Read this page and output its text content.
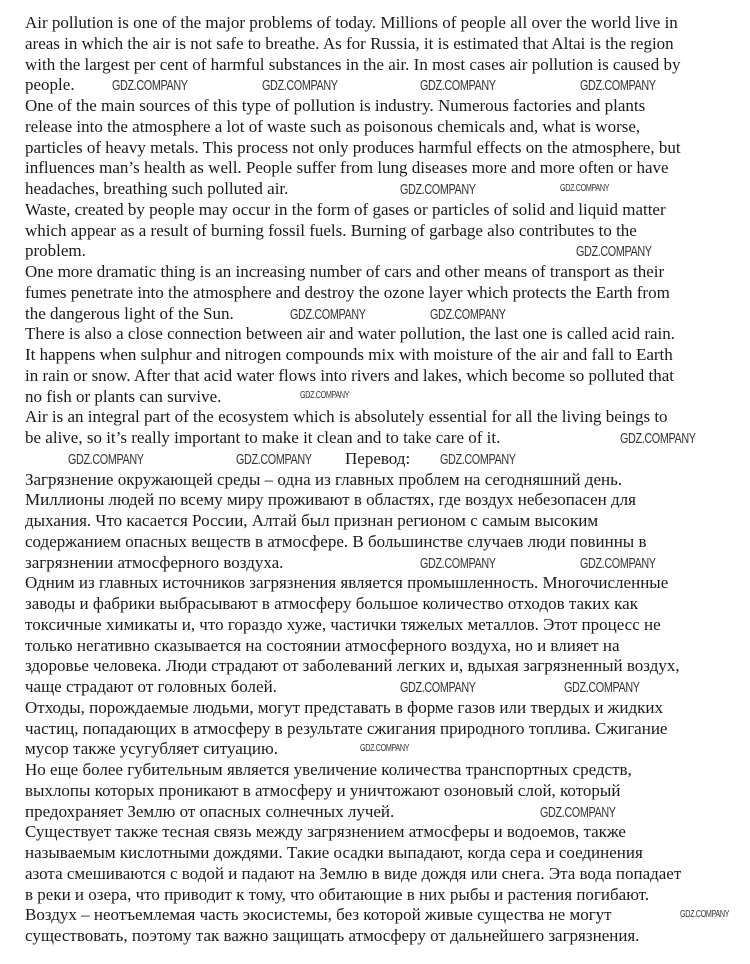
Air pollution is one of the major problems of today. Millions of people all over the world live in
areas in which the air is not safe to breathe. As for Russia, it is estimated that Altai is the region
with the largest per cent of harmful substances in the air. In most cases air pollution is caused by
people.
One of the main sources of this type of pollution is industry. Numerous factories and plants
release into the atmosphere a lot of waste such as poisonous chemicals and, what is worse,
particles of heavy metals. This process not only produces harmful effects on the atmosphere, but
influences man’s health as well. People suffer from lung diseases more and more often or have
headaches, breathing such polluted air.
Waste, created by people may occur in the form of gases or particles of solid and liquid matter
which appear as a result of burning fossil fuels. Burning of garbage also contributes to the
problem.
One more dramatic thing is an increasing number of cars and other means of transport as their
fumes penetrate into the atmosphere and destroy the ozone layer which protects the Earth from
the dangerous light of the Sun.
There is also a close connection between air and water pollution, the last one is called acid rain.
It happens when sulphur and nitrogen compounds mix with moisture of the air and fall to Earth
in rain or snow. After that acid water flows into rivers and lakes, which become so polluted that
no fish or plants can survive.
Air is an integral part of the ecosystem which is absolutely essential for all the living beings to
be alive, so it’s really important to make it clean and to take care of it.
Перевод:
Загрязнение окружающей среды – одна из главных проблем на сегодняшний день.
Миллионы людей по всему миру проживают в областях, где воздух небезопасен для
дыхания. Что касается России, Алтай был признан регионом с самым высоким
содержанием опасных веществ в атмосфере. В большинстве случаев люди повинны в
загрязнении атмосферного воздуха.
Одним из главных источников загрязнения является промышленность. Многочисленные
заводы и фабрики выбрасывают в атмосферу большое количество отходов таких как
токсичные химикаты и, что гораздо хуже, частички тяжелых металлов. Этот процесс не
только негативно сказывается на состоянии атмосферного воздуха, но и влияет на
здоровье человека. Люди страдают от заболеваний легких и, вдыхая загрязненный воздух,
чаще страдают от головных болей.
Отходы, порождаемые людьми, могут представать в форме газов или твердых и жидких
частиц, попадающих в атмосферу в результате сжигания природного топлива. Сжигание
мусор также усугубляет ситуацию.
Но еще более губительным является увеличение количества транспортных средств,
выхлопы которых проникают в атмосферу и уничтожают озоновый слой, который
предохраняет Землю от опасных солнечных лучей.
Существует также тесная связь между загрязнением атмосферы и водоемов, также
называемым кислотными дождями. Такие осадки выпадают, когда сера и соединения
азота смешиваются с водой и падают на Землю в виде дождя или снега. Эта вода попадает
в реки и озера, что приводит к тому, что обитающие в них рыбы и растения погибают.
Воздух – неотъемлемая часть экосистемы, без которой живые существа не могут
существовать, поэтому так важно защищать атмосферу от дальнейшего загрязнения.
GDZ.COMPANY	GDZ.COMPANY	GDZ.COMPANY	GDZ.COMPANY
GDZ.COMPANY	GDZ.COMPANY
GDZ.COMPANY
GDZ.COMPANY	GDZ.COMPANY
GDZ.COMPANY
GDZ.COMPANY
GDZ.COMPANY	GDZ.COMPANY	GDZ.COMPANY
GDZ.COMPANY	GDZ.COMPANY
GDZ.COMPANY	GDZ.COMPANY
GDZ.COMPANY
GDZ.COMPANY
GDZ.COMPANY
